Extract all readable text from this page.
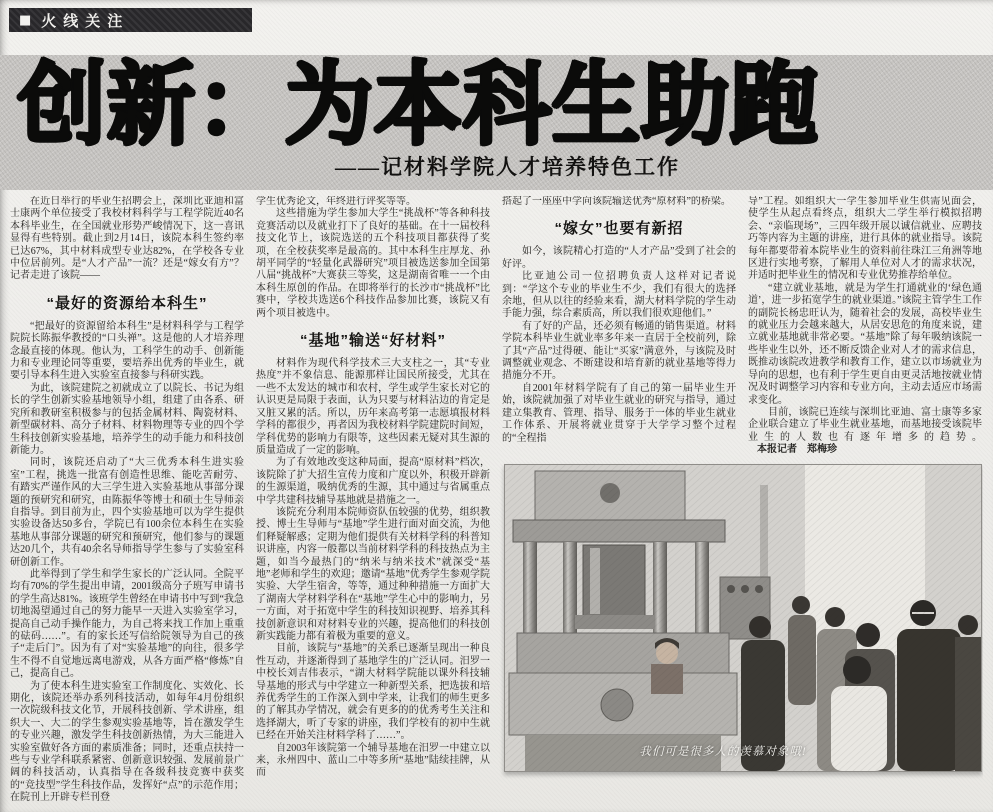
■ 火线关注
创新：为本科生助跑
——记材料学院人才培养特色工作

在近日举行的毕业生招聘会上，深圳比亚迪和富士康两个单位接受了我校材料科学与工程学院近40名本科毕业生，在全国就业形势严峻情况下，这一喜讯显得有些特别。截止到2月14日，该院本科生签约率已达67%，其中材料成型专业达82%，在学校各专业中位居前列。是“人才产品”一流？还是“嫁女有方”？记者走进了该院——

“最好的资源给本科生”

“把最好的资源留给本科生”是材料科学与工程学院院长陈振华教授的“口头禅”。这是他的人才培养理念最直接的体现。他认为，工科学生的动手、创新能力和专业理论同等重要，要培养出优秀的毕业生，就要引导本科生进入实验室直接参与科研实践。

为此，该院建院之初就成立了以院长、书记为组长的学生创新实验基地领导小组，组建了由各系、研究所和教研室积极参与的包括金属材料、陶瓷材料、新型碳材料、高分子材料、材料物理等专业的四个学生科技创新实验基地，培养学生的动手能力和科技创新能力。

同时，该院还启动了“大三优秀本科生进实验室”工程，挑选一批富有创造性思维、能吃苦耐劳、有踏实严谨作风的大三学生进入实验基地从事部分课题的预研究和研究，由陈振华等博士和硕士生导师亲自指导。到目前为止，四个实验基地可以为学生提供实验设备达50多台，学院已有100余位本科生在实验基地从事部分课题的研究和预研究，他们参与的课题达20几个，共有40余名导师指导学生参与了实验室科研创新工作。

此举得到了学生和学生家长的广泛认同。全院平均有70%的学生提出申请，2001级高分子班写申请书的学生高达81%。该班学生曾经在申请书中写到“我急切地渴望通过自己的努力能早一天进入实验室学习，提高自己动手操作能力，为自己将来找工作加上重重的砝码……”。有的家长还写信给院领导为自己的孩子“走后门”。因为有了对“实验基地”的向往，很多学生不得不自觉地远离电游戏，从各方面严格“修炼”自己，提高自己。

为了使本科生进实验室工作制度化、实效化、长期化，该院还举办系列科技活动，如每年4月份组织一次院级科技文化节，开展科技创新、学术讲座，组织大一、大二的学生参观实验基地等，旨在激发学生的专业兴趣，激发学生科技创新热情，为大三能进入实验室做好各方面的素质准备；同时，还重点扶持一些与专业学科联系紧密、创新意识较强、发展前景广阔的科技活动，认真指导在各级科技竞赛中获奖的“竞技型”学生科技作品，发挥好“点”的示范作用；在院刊上开辟专栏刊登

学生优秀论文，年终进行评奖等等。

这些措施为学生参加大学生“挑战杯”等各种科技竞赛活动以及就业打下了良好的基础。在十一届校科技文化节上，该院选送的五个科技项目都获得了奖项，在全校获奖率是最高的。其中本科生庄厚龙、孙胡平同学的“轻量化武器研究”项目被选送参加全国第八届“挑战杯”大赛获三等奖，这是湖南省唯一一个由本科生原创的作品。在即将举行的长沙市“挑战杯”比赛中，学校共选送6个科技作品参加比赛，该院又有两个项目被选中。

“基地”输送“好材料”

材料作为现代科学技术三大支柱之一，其“专业热度”并不象信息、能源那样让国民所接受，尤其在一些不太发达的城市和农村，学生或学生家长对它的认识更是局限于表面，认为只要与材料沾边的肯定是又脏又累的活。所以，历年来高考第一志愿填报材料学科的都很少，再者因为我校材料学院建院时间短，学科优势的影响力有限等，这些因素无疑对其生源的质量造成了一定的影响。

为了有效地改变这种局面，提高“原材料”档次，该院除了扩大招生宣传力度和广度以外，积极开辟新的生源渠道，吸纳优秀的生源，其中通过与省属重点中学共建科技辅导基地就是措施之一。

该院充分利用本院师资队伍较强的优势，组织教授、博士生导师与“基地”学生进行面对面交流，为他们释疑解惑；定期为他们提供有关材料学科的科普知识讲座，内容一般都以当前材料学科的科技热点为主题，如当今最热门的“纳米与纳米技术”就深受“基地”老师和学生的欢迎；邀请“基地”优秀学生参观学院实验、大学生宿舍，等等，通过种种措施一方面扩大了湖南大学材料学科在“基地”学生心中的影响力，另一方面，对于拓宽中学生的科技知识视野、培养其科技创新意识和对材料专业的兴趣，提高他们的科技创新实践能力都有着极为重要的意义。

目前，该院与“基地”的关系已逐渐呈现出一种良性互动，并逐渐得到了基地学生的广泛认同。汨罗一中校长刘吉伟表示，“湖大材料学院能以课外科技辅导基地的形式与中学建立一种新型关系，把选拔和培养优秀学生的工作深入到中学来，让我们的师生更多的了解其办学情况，就会有更多的的优秀考生关注和选择湖大，听了专家的讲座，我们学校有的初中生就已经在开始关注材料学科了……”。

自2003年该院第一个辅导基地在汨罗一中建立以来，永州四中、蓝山二中等多所“基地”陆续挂牌，从而

搭起了一座座中学向该院输送优秀“原材料”的桥梁。

“嫁女”也要有新招

如今，该院精心打造的“人才产品”受到了社会的好评。

比亚迪公司一位招聘负责人这样对记者说到：“学这个专业的毕业生不少，我们有很大的选择余地，但从以往的经验来看，湖大材料学院的学生动手能力强，综合素质高，所以我们很欢迎他们。”

有了好的产品，还必须有畅通的销售渠道。材料学院本科毕业生就业率多年来一直居于全校前列，除了其“产品”过得硬、能让“买家”满意外，与该院及时调整就业观念、不断建设和培育新的就业基地等得力措施分不开。

自2001年材料学院有了自己的第一届毕业生开始，该院就加强了对毕业生就业的研究与指导，通过建立集教育、管理、指导、服务于一体的毕业生就业工作体系、开展将就业贯穿于大学学习整个过程的“全程指

导”工程。如组织大一学生参加毕业生供需见面会，使学生从起点看终点，组织大二学生举行模拟招聘会、“亲临现场”，三四年级开展以诚信就业、应聘技巧等内容为主题的讲座，进行具体的就业指导。该院每年都要带着本院毕业生的资料前往珠江三角洲等地区进行实地考察，了解用人单位对人才的需求状况，并适时把毕业生的情况和专业优势推荐给单位。

“建立就业基地，就是为学生打通就业的‘绿色通道’，进一步拓宽学生的就业渠道。”该院主管学生工作的副院长杨忠旺认为，随着社会的发展，高校毕业生的就业压力会越来越大，从居安思危的角度来说，建立就业基地就非常必要。“基地”除了每年吸纳该院一些毕业生以外，还不断反馈企业对人才的需求信息，既推动该院改进教学和教育工作，建立以市场就业为导向的思想，也有利于学生更自由更灵活地按就业情况及时调整学习内容和专业方向，主动去适应市场需求变化。

目前，该院已连续与深圳比亚迪、富士康等多家企业联合建立了毕业生就业基地，而基地接受该院毕业生的人数也有逐年增多的趋势。本报记者　郑梅珍

我们可是很多人的羡慕对象哦!
